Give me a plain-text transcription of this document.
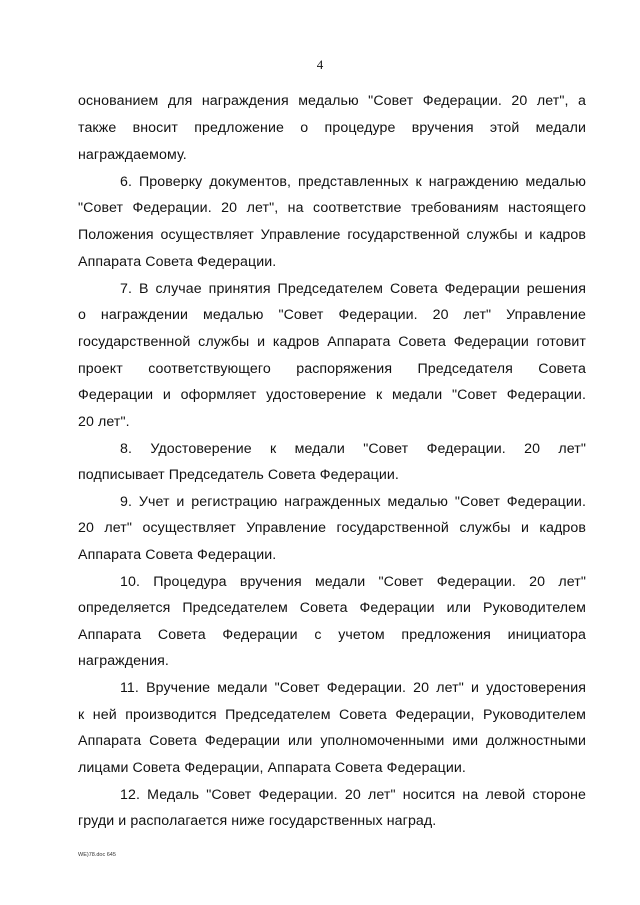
4
основанием для награждения медалью "Совет Федерации. 20 лет", а
также вносит предложение о процедуре вручения этой медали
награждаемому.
6. Проверку документов, представленных к награждению медалью
"Совет Федерации. 20 лет", на соответствие требованиям настоящего
Положения осуществляет Управление государственной службы и кадров
Аппарата Совета Федерации.
7. В случае принятия Председателем Совета Федерации решения
о награждении медалью "Совет Федерации. 20 лет" Управление
государственной службы и кадров Аппарата Совета Федерации готовит
проект соответствующего распоряжения Председателя Совета
Федерации и оформляет удостоверение к медали "Совет Федерации.
20 лет".
8. Удостоверение к медали "Совет Федерации. 20 лет"
подписывает Председатель Совета Федерации.
9. Учет и регистрацию награжденных медалью "Совет Федерации.
20 лет" осуществляет Управление государственной службы и кадров
Аппарата Совета Федерации.
10. Процедура вручения медали "Совет Федерации. 20 лет"
определяется Председателем Совета Федерации или Руководителем
Аппарата Совета Федерации с учетом предложения инициатора
награждения.
11. Вручение медали "Совет Федерации. 20 лет" и удостоверения
к ней производится Председателем Совета Федерации, Руководителем
Аппарата Совета Федерации или уполномоченными ими должностными
лицами Совета Федерации, Аппарата Совета Федерации.
12. Медаль "Совет Федерации. 20 лет" носится на левой стороне
груди и располагается ниже государственных наград.
WE)78.doc 645
